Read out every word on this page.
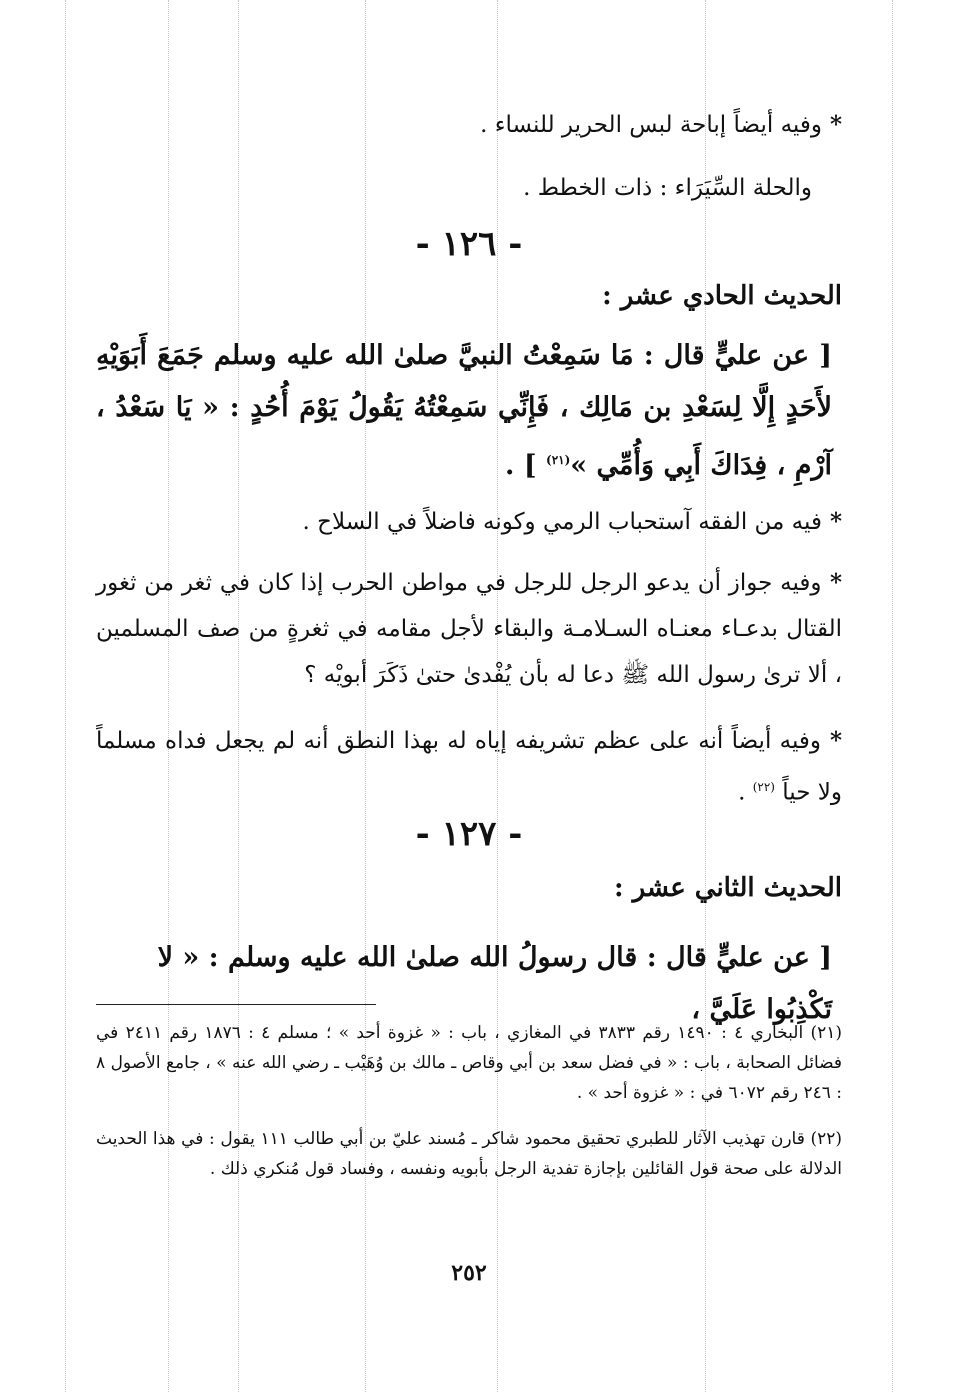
* وفيه أيضاً إباحة لبس الحرير للنساء .
والحلة السِّيَرَاء : ذات الخطط .
- ١٢٦ -
الحديث الحادي عشر :
[ عن عليٍّ قال : مَا سَمِعْتُ النبيَّ صلىٰ الله عليه وسلم جَمَعَ أَبَوَيْهِ لأَحَدٍ إِلَّا لِسَعْدِ بن مَالِك ، فَإِنِّي سَمِعْتُهُ يَقُولُ يَوْمَ أُحُدٍ : « يَا سَعْدُ ، آرْمِ ، فِدَاكَ أَبِي وَأُمِّي »$^{(٢١)}$ ] .
* فيه من الفقه آستحباب الرمي وكونه فاضلاً في السلاح .
* وفيه جواز أن يدعو الرجل للرجل في مواطن الحرب إذا كان في ثغر من ثغور القتال بدعـاء معنـاه السـلامـة والبقاء لأجل مقامه في ثغرةٍ من صف المسلمين ، ألا ترىٰ رسول الله ﷺ دعا له بأن يُفْدىٰ حتىٰ ذَكَرَ أبويْه ؟
* وفيه أيضاً أنه على عظم تشريفه إياه له بهذا النطق أنه لم يجعل فداه مسلماً ولا حياً $^{(٢٢)}$ .
- ١٢٧ -
الحديث الثاني عشر :
[ عن عليٍّ قال : قال رسولُ الله صلىٰ الله عليه وسلم : « لا تَكْذِبُوا عَلَيَّ ،
(٢١) البخاري ٤ : ١٤٩٠ رقم ٣٨٣٣ في المغازي ، باب : « غزوة أحد » ؛ مسلم ٤ : ١٨٧٦ رقم ٢٤١١ في فضائل الصحابة ، باب : « في فضل سعد بن أبي وقاص ـ مالك بن وُهَيْب ـ رضي الله عنه » ، جامع الأصول ٨ : ٢٤٦ رقم ٦٠٧٢ في : « غزوة أحد » .
(٢٢) قارن تهذيب الآثار للطبري تحقيق محمود شاكر ـ مُسند عليّ بن أبي طالب ١١١ يقول : في هذا الحديث الدلالة على صحة قول القائلين بإجازة تفدية الرجل بأبويه ونفسه ، وفساد قول مُنكري ذلك .
٢٥٢
